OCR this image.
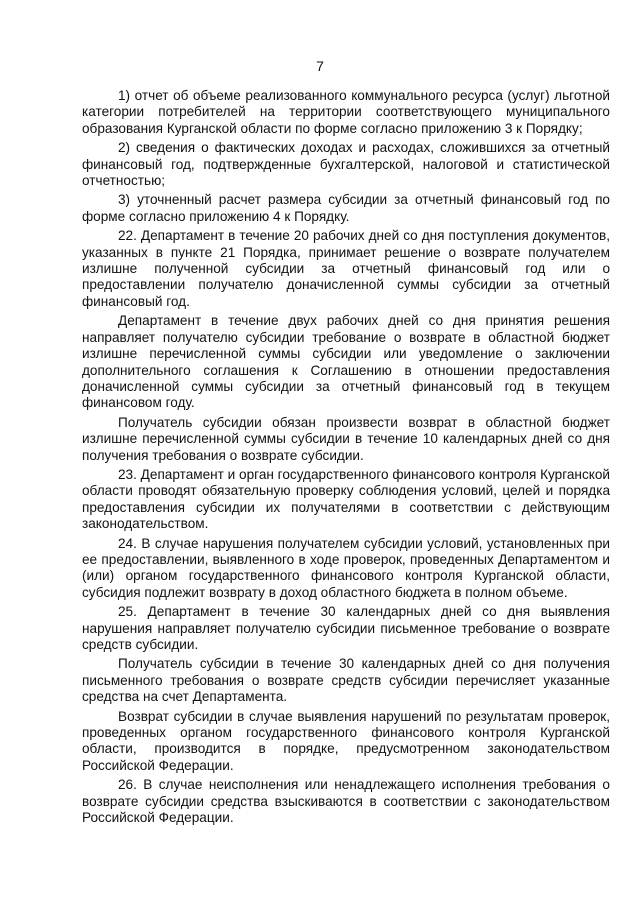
7

1) отчет об объеме реализованного коммунального ресурса (услуг) льготной категории потребителей на территории соответствующего муниципального образования Курганской области по форме согласно приложению 3 к Порядку;

2) сведения о фактических доходах и расходах, сложившихся за отчетный финансовый год, подтвержденные бухгалтерской, налоговой и статистической отчетностью;

3) уточненный расчет размера субсидии за отчетный финансовый год по форме согласно приложению 4 к Порядку.

22. Департамент в течение 20 рабочих дней со дня поступления документов, указанных в пункте 21 Порядка, принимает решение о возврате получателем излишне полученной субсидии за отчетный финансовый год или о предоставлении получателю доначисленной суммы субсидии за отчетный финансовый год.

Департамент в течение двух рабочих дней со дня принятия решения направляет получателю субсидии требование о возврате в областной бюджет излишне перечисленной суммы субсидии или уведомление о заключении дополнительного соглашения к Соглашению в отношении предоставления доначисленной суммы субсидии за отчетный финансовый год в текущем финансовом году.

Получатель субсидии обязан произвести возврат в областной бюджет излишне перечисленной суммы субсидии в течение 10 календарных дней со дня получения требования о возврате субсидии.

23. Департамент и орган государственного финансового контроля Курганской области проводят обязательную проверку соблюдения условий, целей и порядка предоставления субсидии их получателями в соответствии с действующим законодательством.

24. В случае нарушения получателем субсидии условий, установленных при ее предоставлении, выявленного в ходе проверок, проведенных Департаментом и (или) органом государственного финансового контроля Курганской области, субсидия подлежит возврату в доход областного бюджета в полном объеме.

25. Департамент в течение 30 календарных дней со дня выявления нарушения направляет получателю субсидии письменное требование о возврате средств субсидии.

Получатель субсидии в течение 30 календарных дней со дня получения письменного требования о возврате средств субсидии перечисляет указанные средства на счет Департамента.

Возврат субсидии в случае выявления нарушений по результатам проверок, проведенных органом государственного финансового контроля Курганской области, производится в порядке, предусмотренном законодательством Российской Федерации.

26. В случае неисполнения или ненадлежащего исполнения требования о возврате субсидии средства взыскиваются в соответствии с законодательством Российской Федерации.
